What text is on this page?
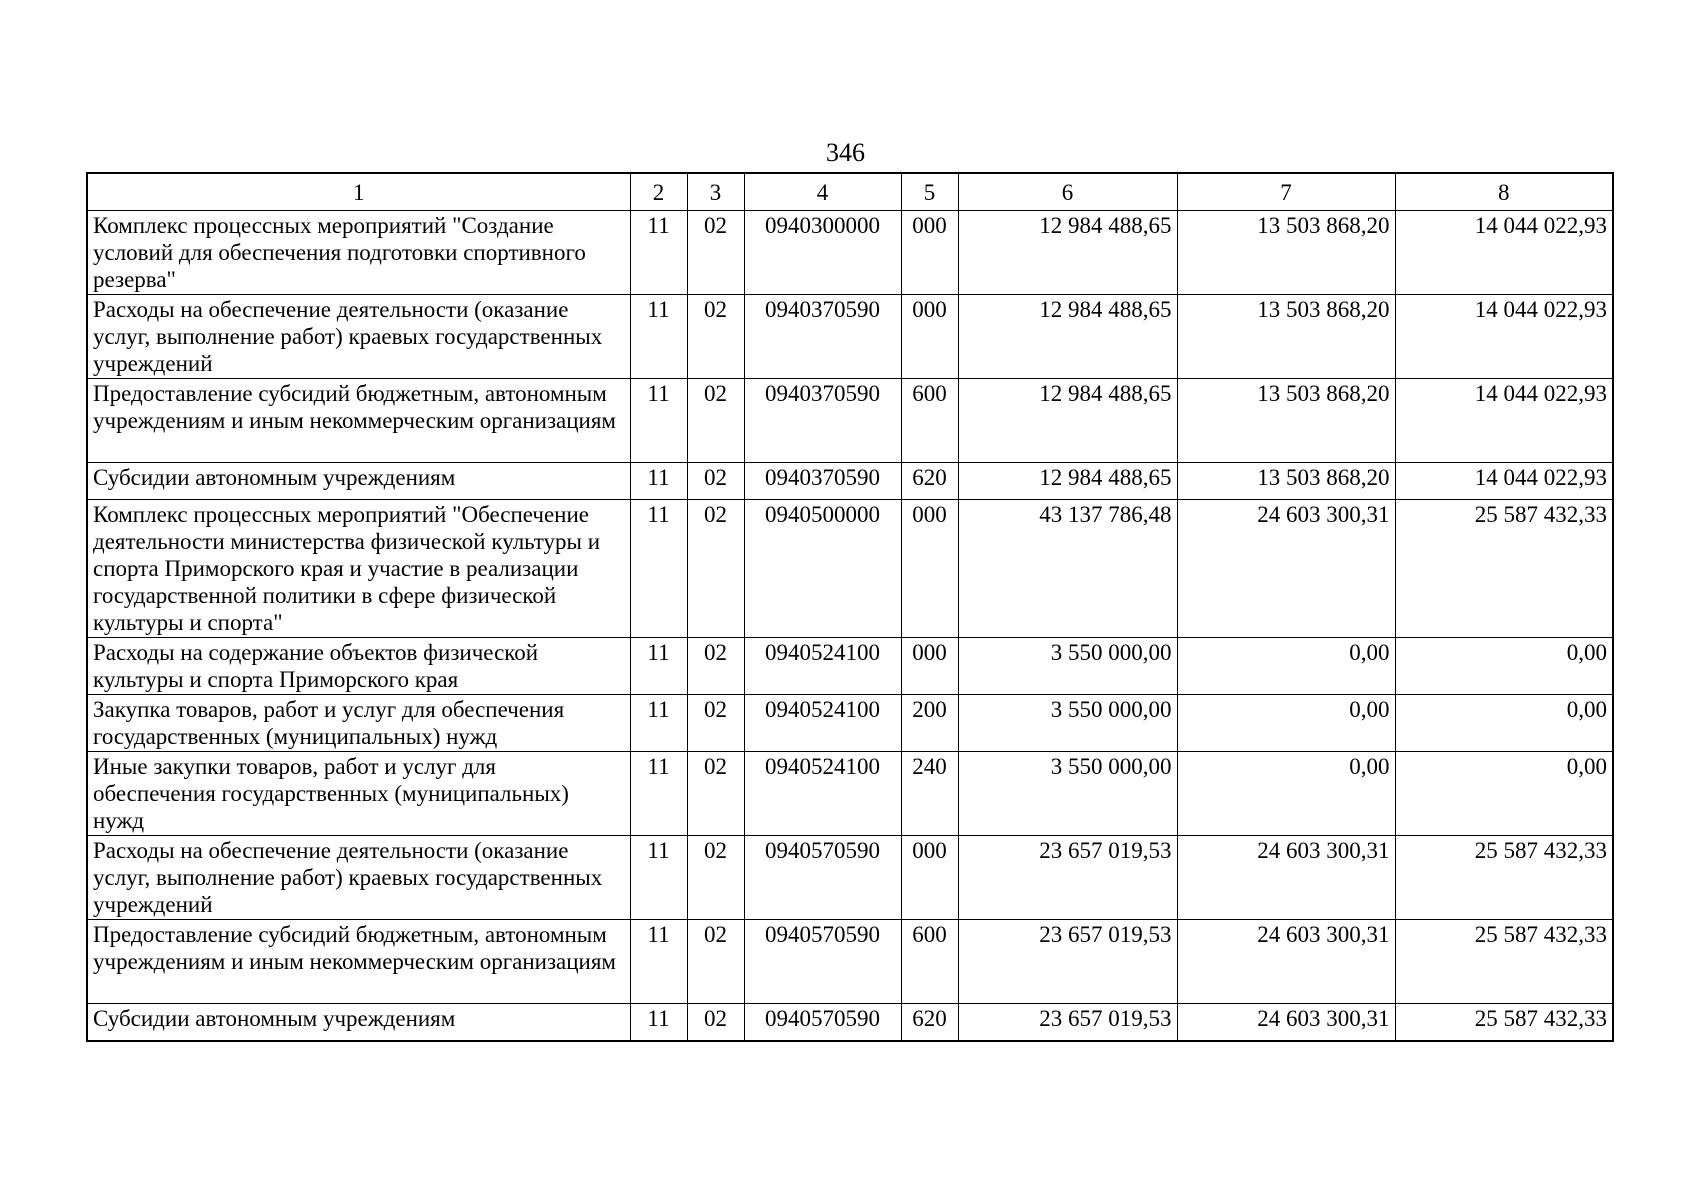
346
1	2	3	4	5	6	7	8
Комплекс процессных мероприятий "Создание условий для обеспечения подготовки спортивного резерва"	11	02	0940300000	000	12 984 488,65	13 503 868,20	14 044 022,93
Расходы на обеспечение деятельности (оказание услуг, выполнение работ) краевых государственных учреждений	11	02	0940370590	000	12 984 488,65	13 503 868,20	14 044 022,93
Предоставление субсидий бюджетным, автономным учреждениям и иным некоммерческим организациям	11	02	0940370590	600	12 984 488,65	13 503 868,20	14 044 022,93
Субсидии автономным учреждениям	11	02	0940370590	620	12 984 488,65	13 503 868,20	14 044 022,93
Комплекс процессных мероприятий "Обеспечение деятельности министерства физической культуры и спорта Приморского края и участие в реализации государственной политики в сфере физической культуры и спорта"	11	02	0940500000	000	43 137 786,48	24 603 300,31	25 587 432,33
Расходы на содержание объектов физической культуры и спорта Приморского края	11	02	0940524100	000	3 550 000,00	0,00	0,00
Закупка товаров, работ и услуг для обеспечения государственных (муниципальных) нужд	11	02	0940524100	200	3 550 000,00	0,00	0,00
Иные закупки товаров, работ и услуг для обеспечения государственных (муниципальных) нужд	11	02	0940524100	240	3 550 000,00	0,00	0,00
Расходы на обеспечение деятельности (оказание услуг, выполнение работ) краевых государственных учреждений	11	02	0940570590	000	23 657 019,53	24 603 300,31	25 587 432,33
Предоставление субсидий бюджетным, автономным учреждениям и иным некоммерческим организациям	11	02	0940570590	600	23 657 019,53	24 603 300,31	25 587 432,33
Субсидии автономным учреждениям	11	02	0940570590	620	23 657 019,53	24 603 300,31	25 587 432,33
